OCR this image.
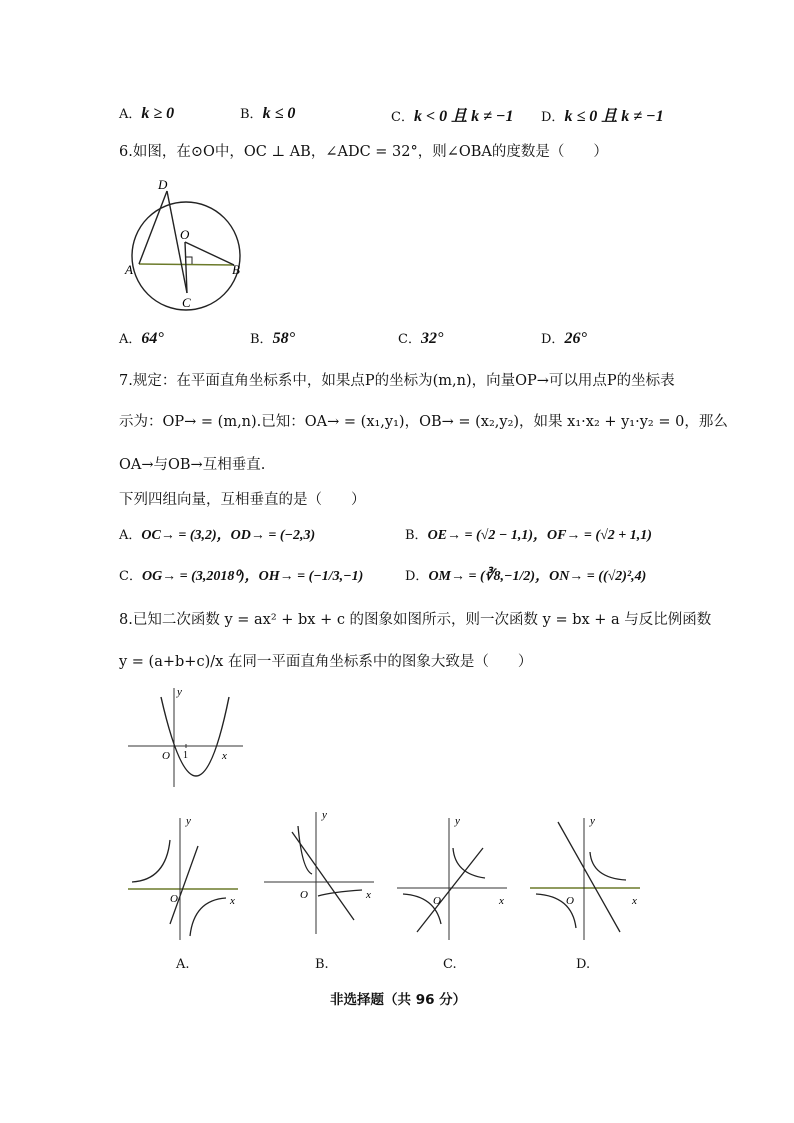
A．k ≥ 0	B．k ≤ 0	C．k < 0 且 k ≠ −1 D．k ≤ 0 且 k ≠ −1
6.如图，在⊙O中，OC ⊥ AB，∠ADC = 32°，则∠OBA的度数是（　　）
D
O
A	B
C
A．64°	B．58°	C．32°	D．26°
7.规定：在平面直角坐标系中，如果点P的坐标为(m,n)，向量OP→可以用点P的坐标表
示为：OP→ = (m,n).已知：OA→ = (x₁,y₁)，OB→ = (x₂,y₂)，如果 x₁·x₂ + y₁·y₂ = 0，那么
OA→与OB→互相垂直.
下列四组向量，互相垂直的是（　　）
A．OC→ = (3,2)，OD→ = (−2,3)	B．OE→ = (√2 − 1,1)，OF→ = (√2 + 1,1)
C．OG→ = (3,2018⁰)，OH→ = (−1/3,−1)	D．OM→ = (∛8,−1/2)，ON→ = ((√2)²,4)
8.已知二次函数 y = ax² + bx + c 的图象如图所示，则一次函数 y = bx + a 与反比例函数
y = (a+b+c)/x 在同一平面直角坐标系中的图象大致是（　　）
y
O 1	x
y
O	x
y
O	x
y
O	x
y
O	x
A.	B.	C.	D.
非选择题（共 96 分）
